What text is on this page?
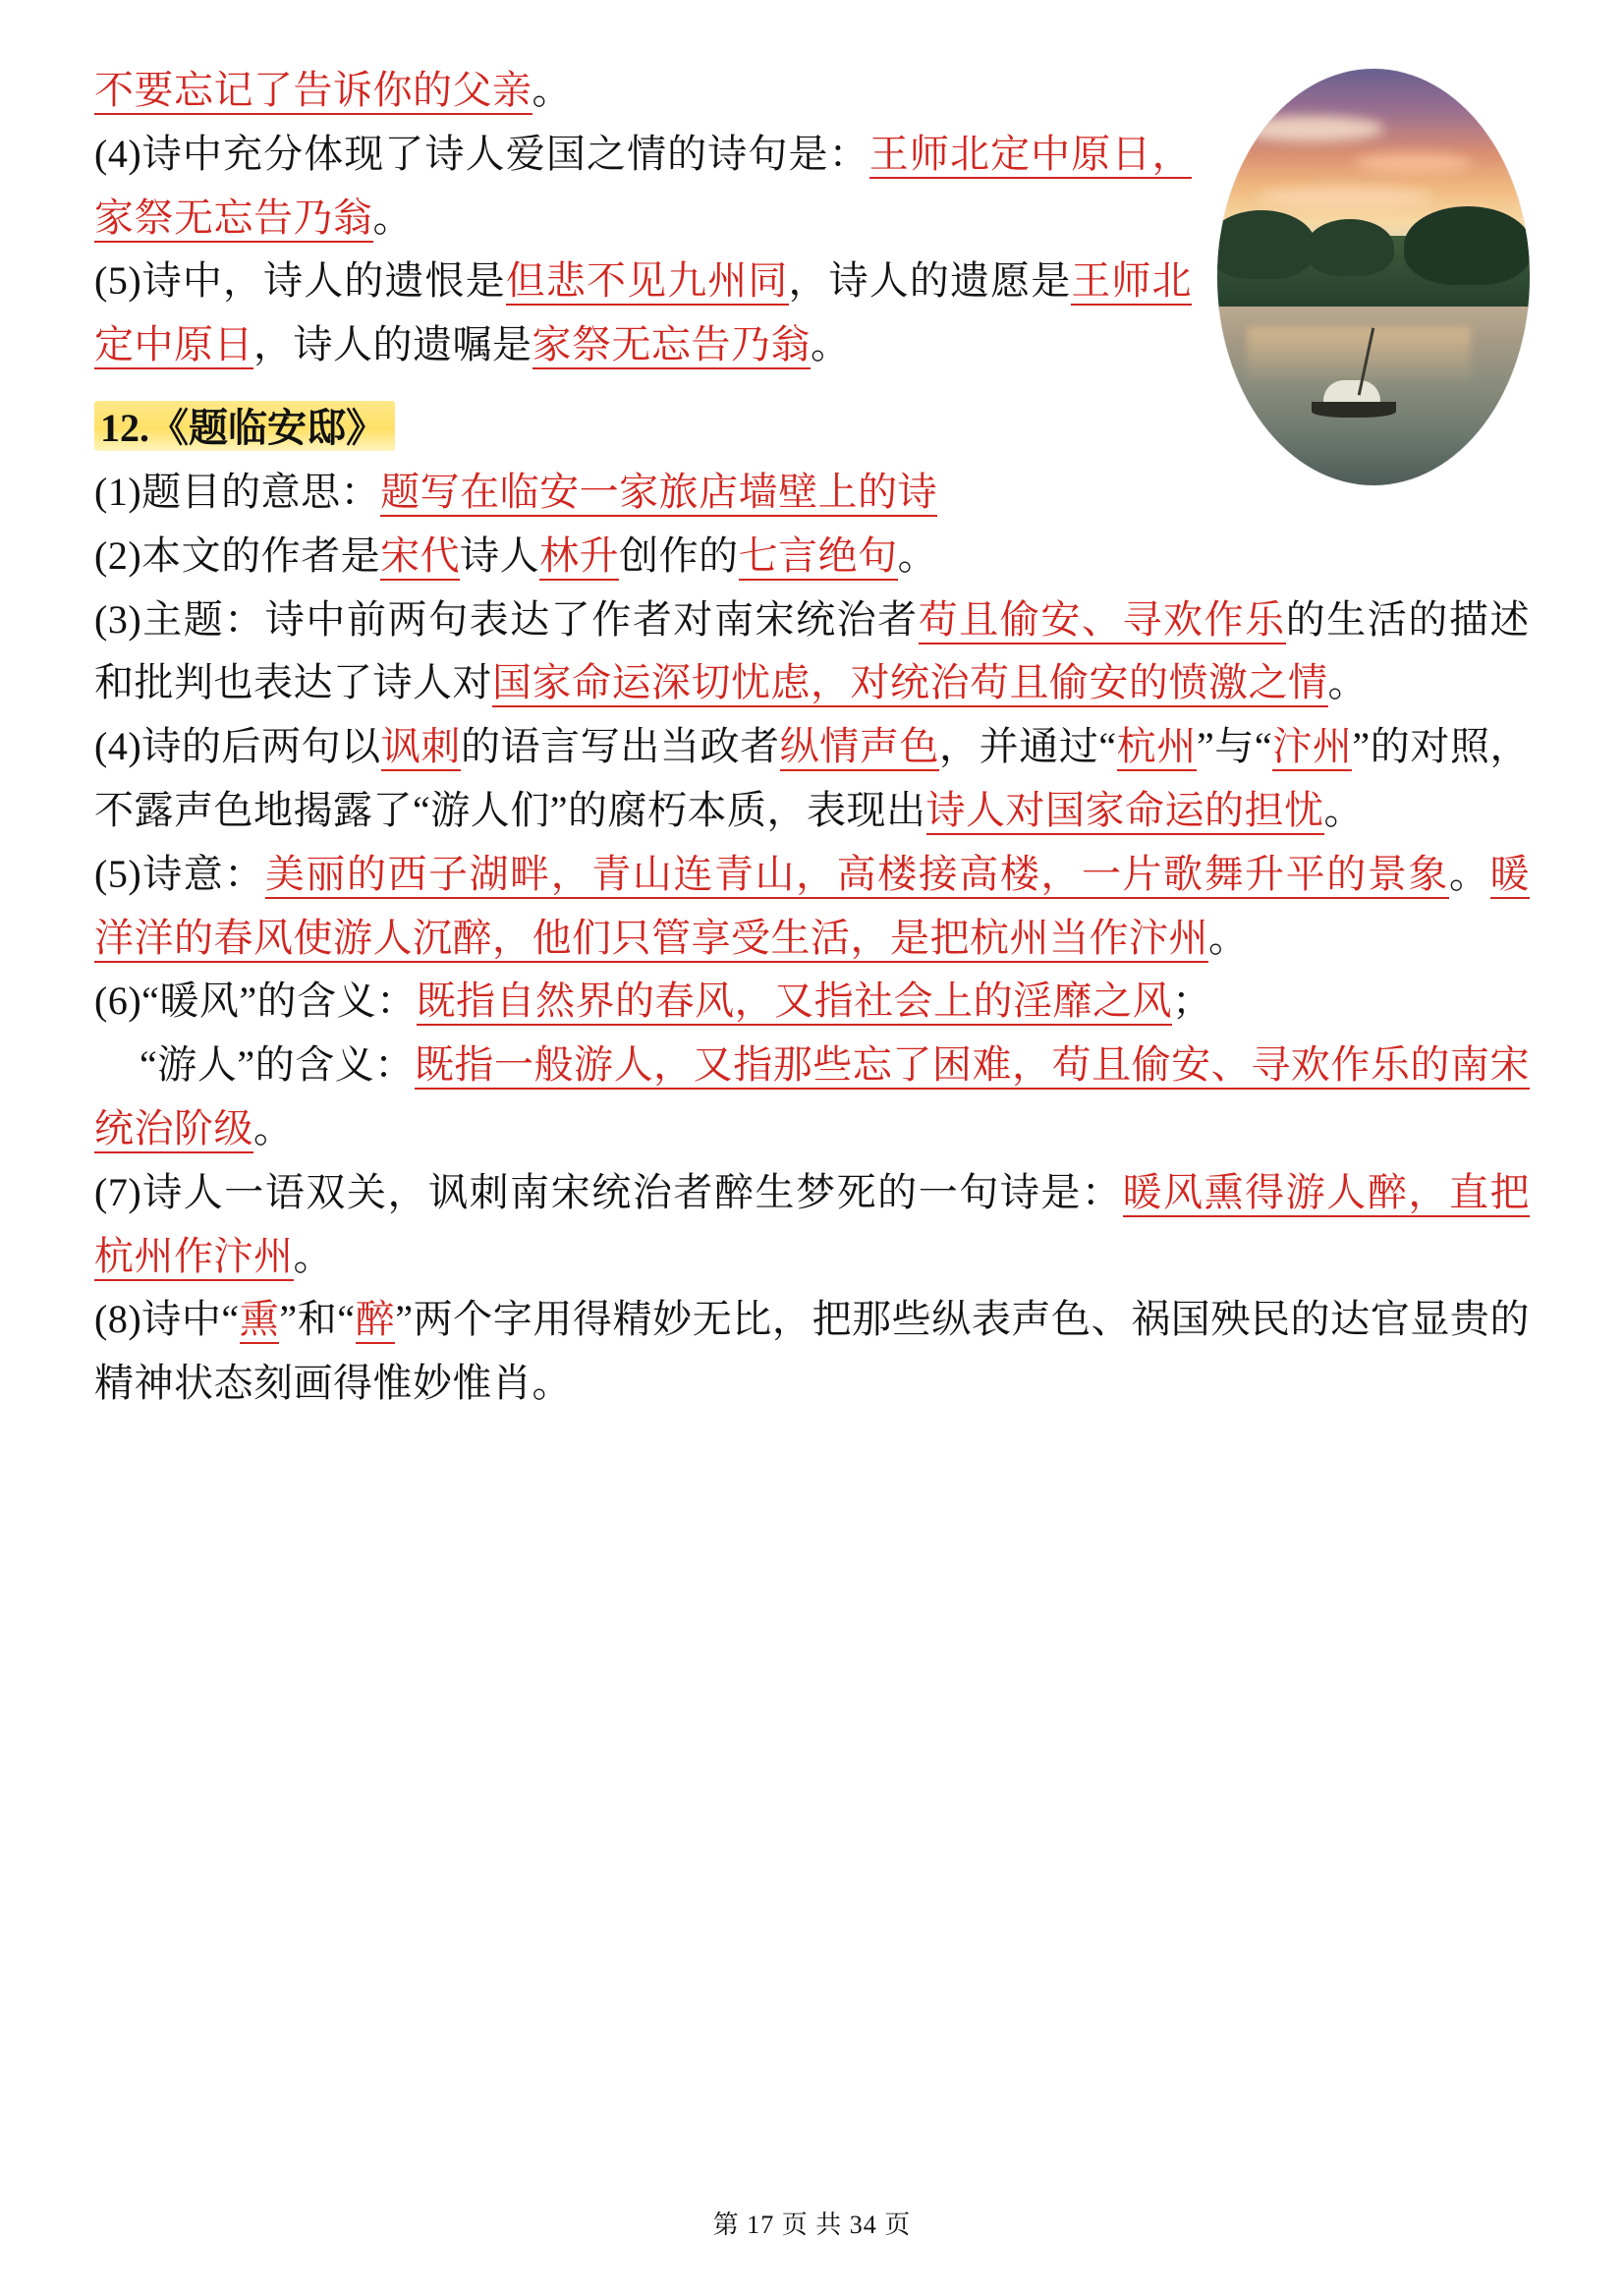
不要忘记了告诉你的父亲。
(4)诗中充分体现了诗人爱国之情的诗句是：王师北定中原日，家祭无忘告乃翁。
(5)诗中，诗人的遗恨是但悲不见九州同，诗人的遗愿是王师北定中原日，诗人的遗嘱是家祭无忘告乃翁。
12.《题临安邸》
(1)题目的意思：题写在临安一家旅店墙壁上的诗
(2)本文的作者是宋代诗人林升创作的七言绝句。
(3)主题：诗中前两句表达了作者对南宋统治者苟且偷安、寻欢作乐的生活的描述和批判也表达了诗人对国家命运深切忧虑，对统治苟且偷安的愤激之情。
(4)诗的后两句以讽刺的语言写出当政者纵情声色，并通过“杭州”与“汴州”的对照，不露声色地揭露了“游人们”的腐朽本质，表现出诗人对国家命运的担忧。
(5)诗意：美丽的西子湖畔，青山连青山，高楼接高楼，一片歌舞升平的景象。暖洋洋的春风使游人沉醉，他们只管享受生活，是把杭州当作汴州。
(6)“暖风”的含义：既指自然界的春风，又指社会上的淫靡之风；
“游人”的含义：既指一般游人，又指那些忘了困难，苟且偷安、寻欢作乐的南宋统治阶级。
(7)诗人一语双关，讽刺南宋统治者醉生梦死的一句诗是：暖风熏得游人醉，直把杭州作汴州。
(8)诗中“熏”和“醉”两个字用得精妙无比，把那些纵表声色、祸国殃民的达官显贵的精神状态刻画得惟妙惟肖。
第 17 页 共 34 页
